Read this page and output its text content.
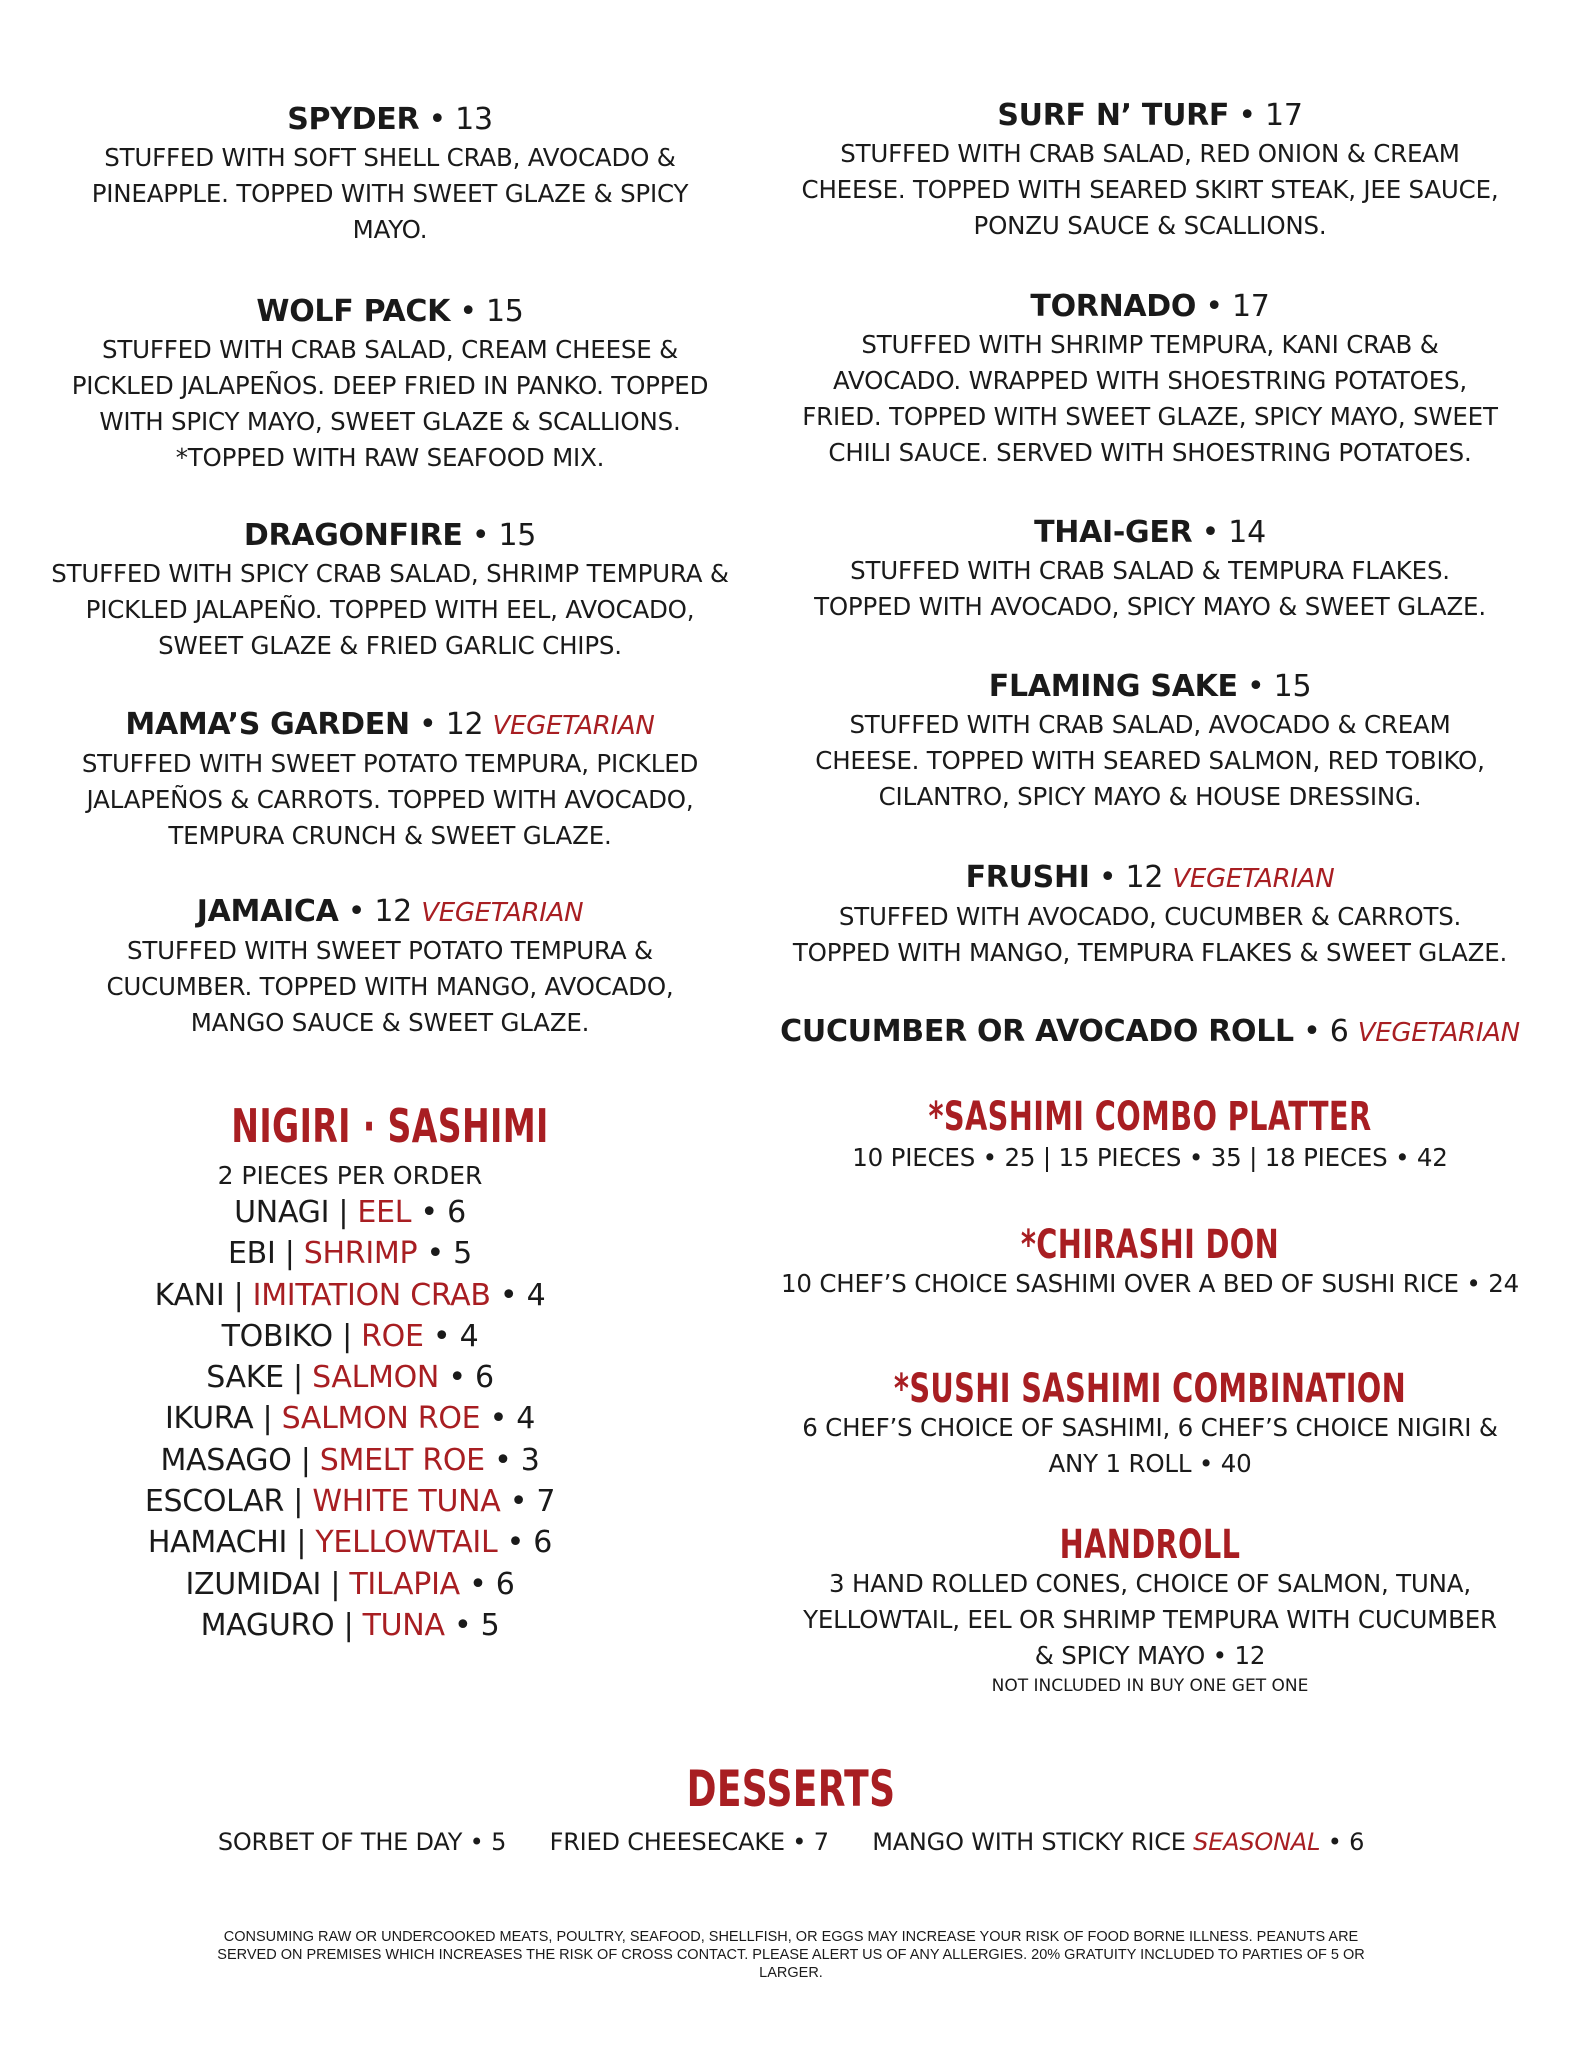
SPYDER • 13
STUFFED WITH SOFT SHELL CRAB, AVOCADO & PINEAPPLE. TOPPED WITH SWEET GLAZE & SPICY MAYO.
WOLF PACK • 15
STUFFED WITH CRAB SALAD, CREAM CHEESE & PICKLED JALAPEÑOS. DEEP FRIED IN PANKO. TOPPED WITH SPICY MAYO, SWEET GLAZE & SCALLIONS.
*TOPPED WITH RAW SEAFOOD MIX.
DRAGONFIRE • 15
STUFFED WITH SPICY CRAB SALAD, SHRIMP TEMPURA & PICKLED JALAPEÑO. TOPPED WITH EEL, AVOCADO, SWEET GLAZE & FRIED GARLIC CHIPS.
MAMA’S GARDEN • 12 VEGETARIAN
STUFFED WITH SWEET POTATO TEMPURA, PICKLED JALAPEÑOS & CARROTS. TOPPED WITH AVOCADO, TEMPURA CRUNCH & SWEET GLAZE.
JAMAICA • 12 VEGETARIAN
STUFFED WITH SWEET POTATO TEMPURA & CUCUMBER. TOPPED WITH MANGO, AVOCADO, MANGO SAUCE & SWEET GLAZE.
NIGIRI · SASHIMI
2 PIECES PER ORDER
UNAGI | EEL • 6
EBI | SHRIMP • 5
KANI | IMITATION CRAB • 4
TOBIKO | ROE • 4
SAKE | SALMON • 6
IKURA | SALMON ROE • 4
MASAGO | SMELT ROE • 3
ESCOLAR | WHITE TUNA • 7
HAMACHI | YELLOWTAIL • 6
IZUMIDAI | TILAPIA • 6
MAGURO | TUNA • 5
SURF N’ TURF • 17
STUFFED WITH CRAB SALAD, RED ONION & CREAM CHEESE. TOPPED WITH SEARED SKIRT STEAK, JEE SAUCE, PONZU SAUCE & SCALLIONS.
TORNADO • 17
STUFFED WITH SHRIMP TEMPURA, KANI CRAB & AVOCADO. WRAPPED WITH SHOESTRING POTATOES, FRIED. TOPPED WITH SWEET GLAZE, SPICY MAYO, SWEET CHILI SAUCE. SERVED WITH SHOESTRING POTATOES.
THAI-GER • 14
STUFFED WITH CRAB SALAD & TEMPURA FLAKES. TOPPED WITH AVOCADO, SPICY MAYO & SWEET GLAZE.
FLAMING SAKE • 15
STUFFED WITH CRAB SALAD, AVOCADO & CREAM CHEESE. TOPPED WITH SEARED SALMON, RED TOBIKO, CILANTRO, SPICY MAYO & HOUSE DRESSING.
FRUSHI • 12 VEGETARIAN
STUFFED WITH AVOCADO, CUCUMBER & CARROTS. TOPPED WITH MANGO, TEMPURA FLAKES & SWEET GLAZE.
CUCUMBER OR AVOCADO ROLL • 6 VEGETARIAN
*SASHIMI COMBO PLATTER
10 PIECES • 25 | 15 PIECES • 35 | 18 PIECES • 42
*CHIRASHI DON
10 CHEF’S CHOICE SASHIMI OVER A BED OF SUSHI RICE • 24
*SUSHI SASHIMI COMBINATION
6 CHEF’S CHOICE OF SASHIMI, 6 CHEF’S CHOICE NIGIRI & ANY 1 ROLL • 40
HANDROLL
3 HAND ROLLED CONES, CHOICE OF SALMON, TUNA, YELLOWTAIL, EEL OR SHRIMP TEMPURA WITH CUCUMBER & SPICY MAYO • 12
NOT INCLUDED IN BUY ONE GET ONE
DESSERTS
SORBET OF THE DAY • 5 FRIED CHEESECAKE • 7 MANGO WITH STICKY RICE SEASONAL • 6
CONSUMING RAW OR UNDERCOOKED MEATS, POULTRY, SEAFOOD, SHELLFISH, OR EGGS MAY INCREASE YOUR RISK OF FOOD BORNE ILLNESS. PEANUTS ARE SERVED ON PREMISES WHICH INCREASES THE RISK OF CROSS CONTACT. PLEASE ALERT US OF ANY ALLERGIES. 20% GRATUITY INCLUDED TO PARTIES OF 5 OR LARGER.
